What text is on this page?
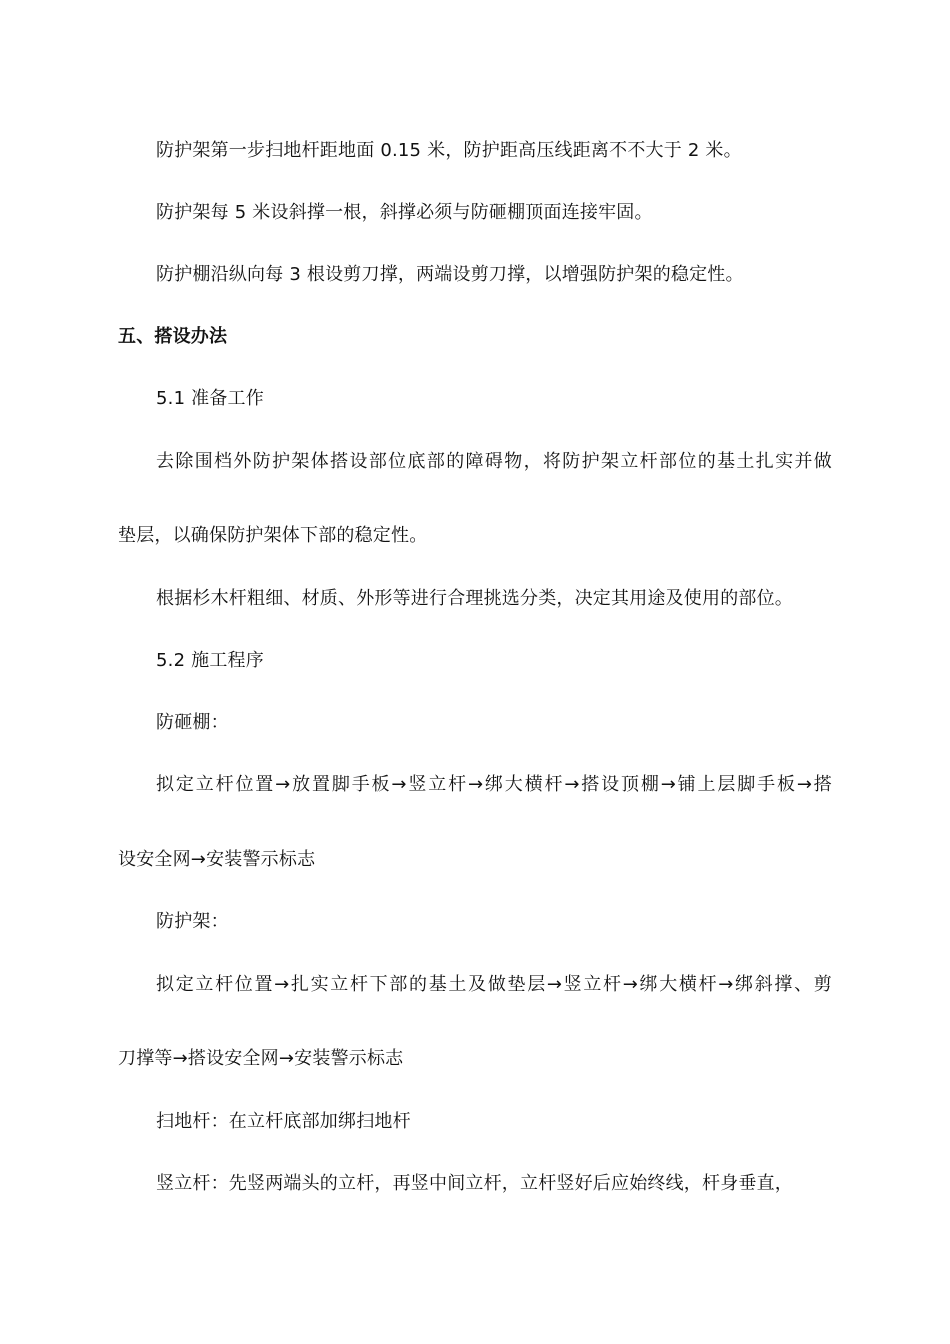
防护架第一步扫地杆距地面 0.15 米，防护距高压线距离不不大于 2 米。
防护架每 5 米设斜撑一根，斜撑必须与防砸棚顶面连接牢固。
防护棚沿纵向每 3 根设剪刀撑，两端设剪刀撑，以增强防护架的稳定性。
五、搭设办法
5.1 准备工作
去除围档外防护架体搭设部位底部的障碍物，将防护架立杆部位的基土扎实并做
垫层，以确保防护架体下部的稳定性。
根据杉木杆粗细、材质、外形等进行合理挑选分类，决定其用途及使用的部位。
5.2 施工程序
防砸棚：
拟定立杆位置→放置脚手板→竖立杆→绑大横杆→搭设顶棚→铺上层脚手板→搭
设安全网→安装警示标志
防护架：
拟定立杆位置→扎实立杆下部的基土及做垫层→竖立杆→绑大横杆→绑斜撑、剪
刀撑等→搭设安全网→安装警示标志
扫地杆：在立杆底部加绑扫地杆
竖立杆：先竖两端头的立杆，再竖中间立杆，立杆竖好后应始终线，杆身垂直，
